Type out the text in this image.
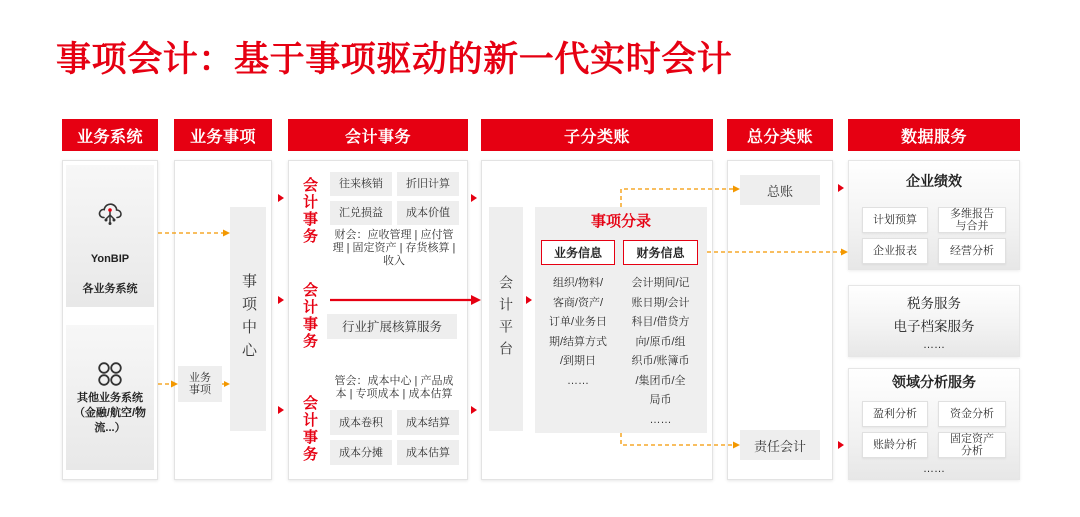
事项会计：基于事项驱动的新一代实时会计
业务系统	业务事项	会计事务	子分类账	总分类账	数据服务

YonBIP

各业务系统

其他业务系统
（金融/航空/物
流...）
业务
事项
事项中心
会计事务	往来核销	折旧计算
汇兑损益	成本价值
财会：应收管理 | 应付管
理 | 固定资产 | 存货核算 |
收入
会计事务	行业扩展核算服务
管会：成本中心 | 产品成
本 | 专项成本 | 成本估算
会计事务	成本卷积	成本结算
成本分摊	成本估算
会计平台
事项分录
业务信息	财务信息
组织/物料/
客商/资产/
订单/业务日
期/结算方式
/到期日
……
会计期间/记
账日期/会计
科目/借贷方
向/原币/组
织币/账簿币
/集团币/全
局币
……
总账
责任会计
企业绩效
计划预算	多维报告
与合并
企业报表	经营分析
税务服务
电子档案服务
……
领域分析服务
盈利分析	资金分析
账龄分析	固定资产
分析
……
